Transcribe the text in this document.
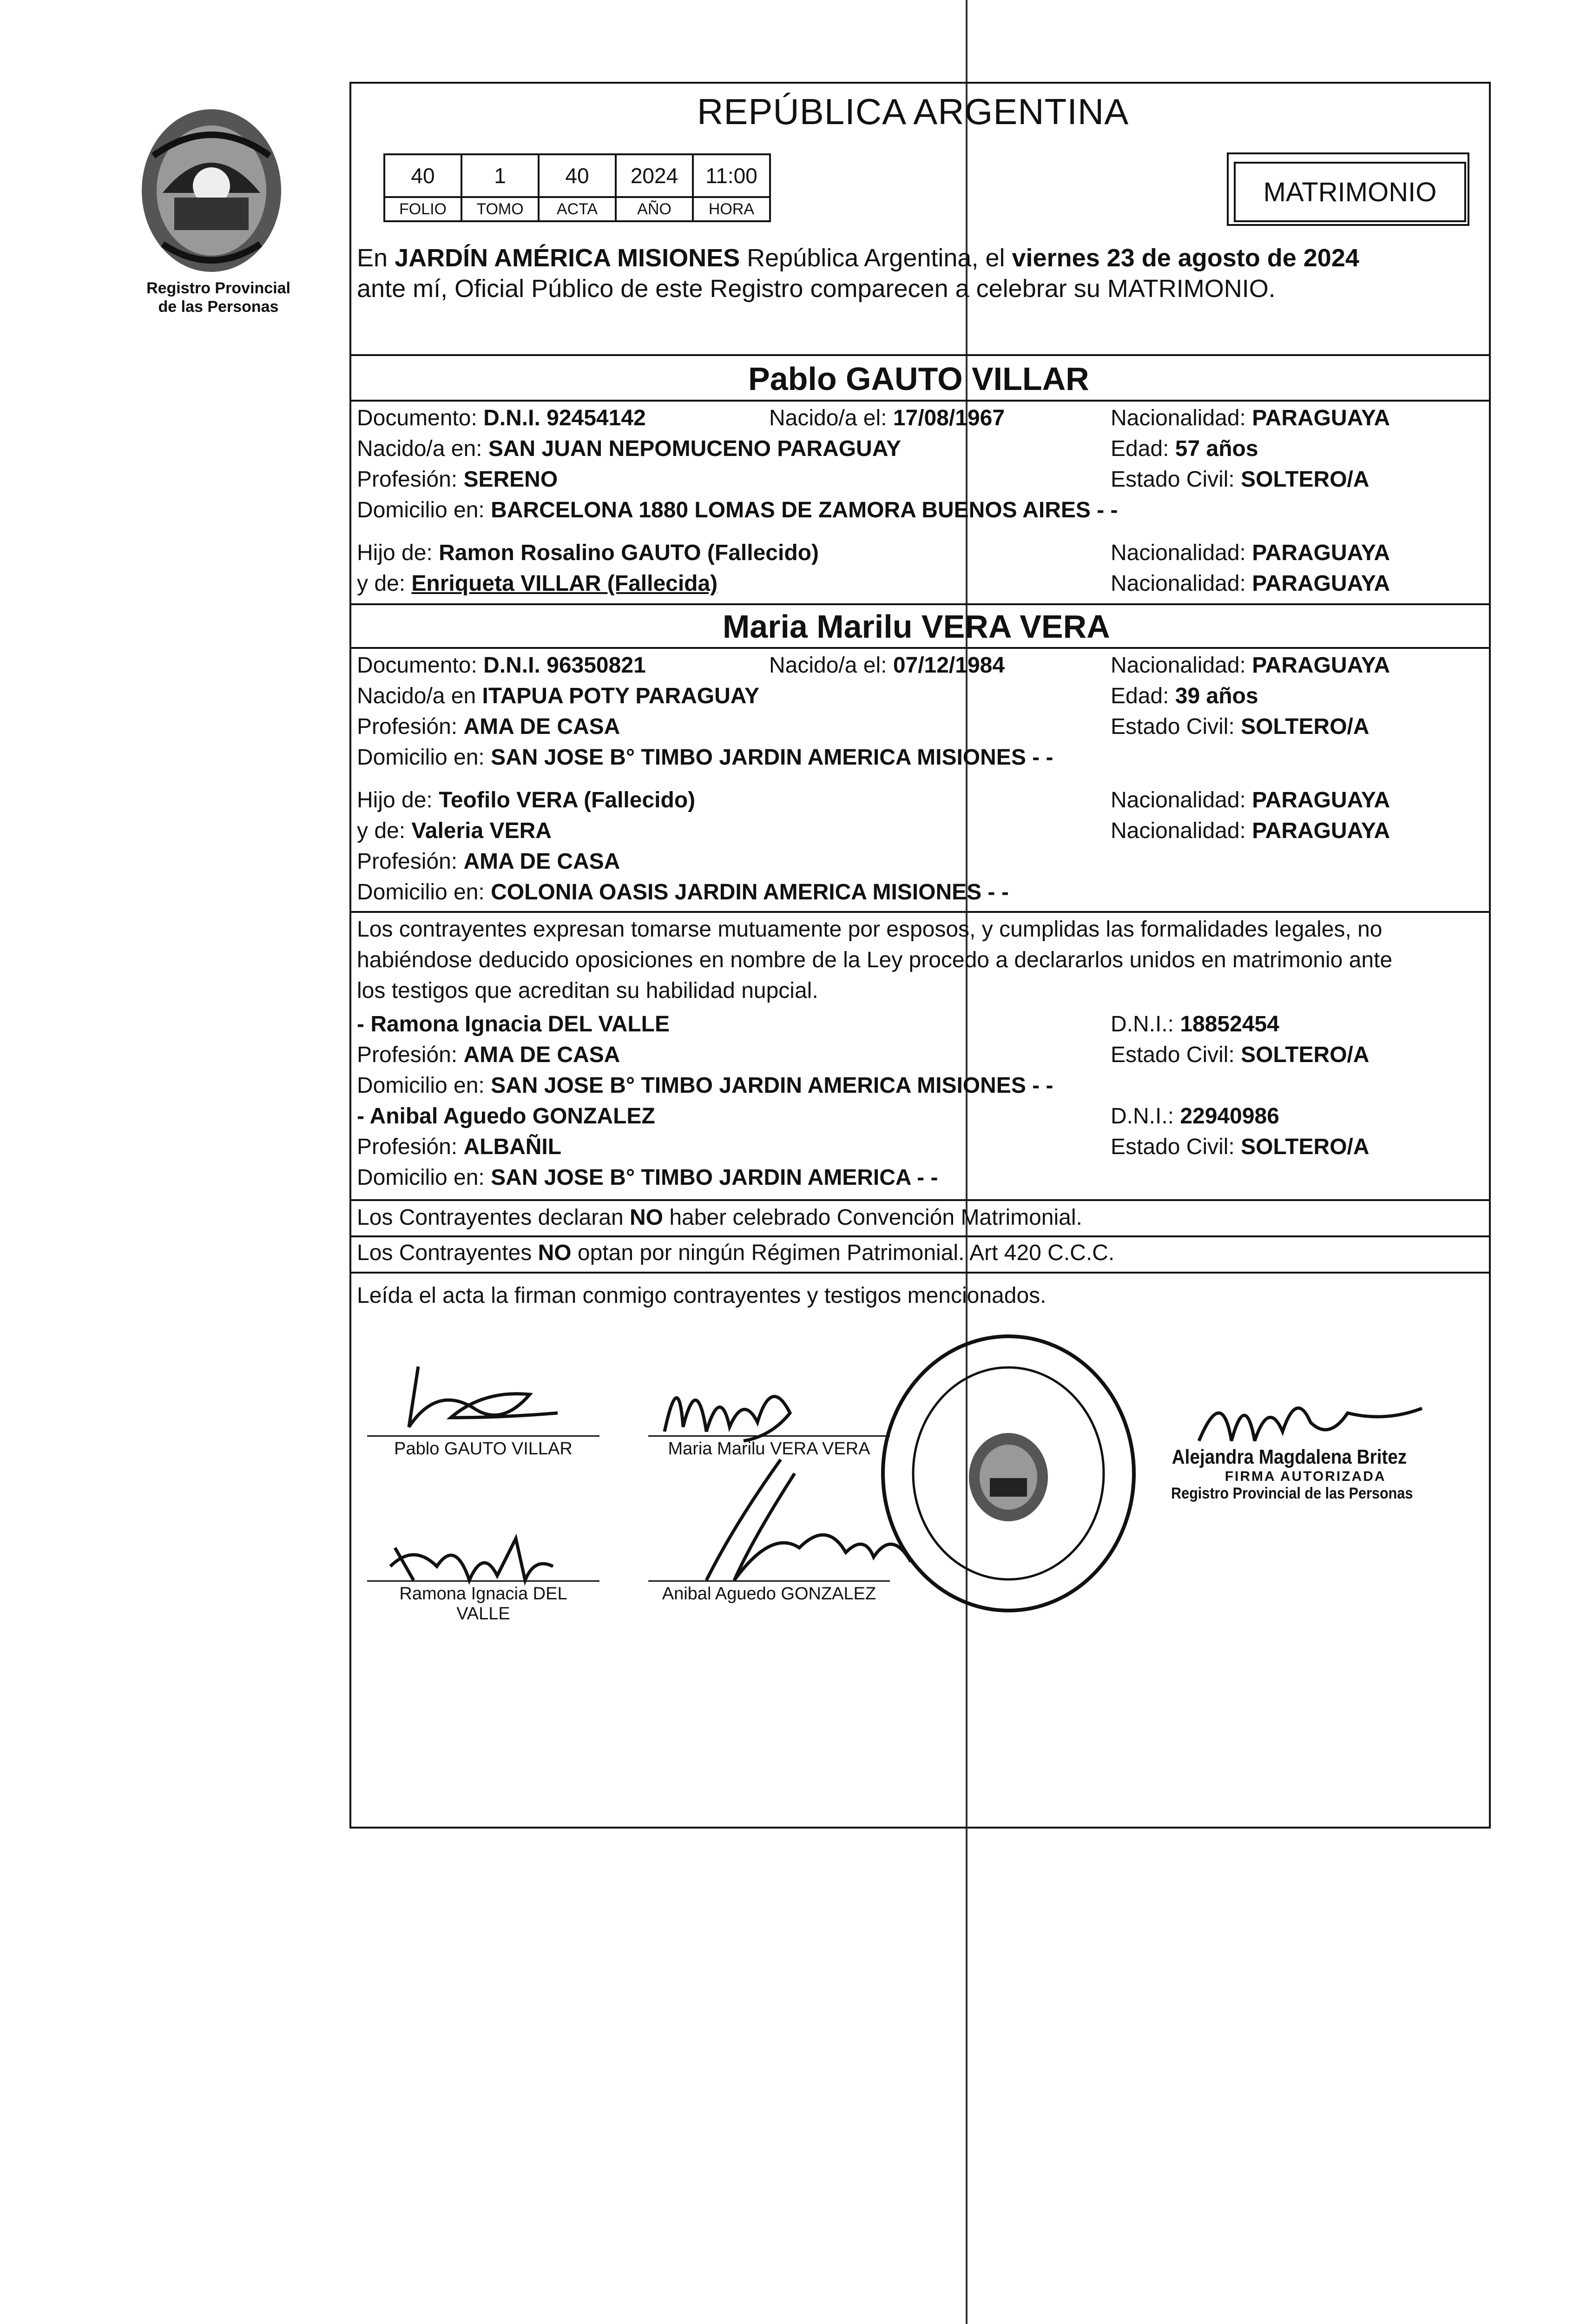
Registro Provincial
de las Personas
REPÚBLICA ARGENTINA
40	1	40	2024	11:00
FOLIO	TOMO	ACTA	AÑO	HORA
MATRIMONIO
En JARDÍN AMÉRICA MISIONES República Argentina, el viernes 23 de agosto de 2024
ante mí, Oficial Público de este Registro comparecen a celebrar su MATRIMONIO.
Pablo GAUTO VILLAR
Documento: D.N.I. 92454142	Nacido/a el: 17/08/1967	Nacionalidad: PARAGUAYA
Nacido/a en: SAN JUAN NEPOMUCENO PARAGUAY	Edad: 57 años
Profesión: SERENO	Estado Civil: SOLTERO/A
Domicilio en: BARCELONA 1880 LOMAS DE ZAMORA BUENOS AIRES - -
Hijo de: Ramon Rosalino GAUTO (Fallecido)	Nacionalidad: PARAGUAYA
y de: Enriqueta VILLAR (Fallecida)	Nacionalidad: PARAGUAYA
Maria Marilu VERA VERA
Documento: D.N.I. 96350821	Nacido/a el: 07/12/1984	Nacionalidad: PARAGUAYA
Nacido/a en ITAPUA POTY PARAGUAY	Edad: 39 años
Profesión: AMA DE CASA	Estado Civil: SOLTERO/A
Domicilio en: SAN JOSE B° TIMBO JARDIN AMERICA MISIONES - -
Hijo de: Teofilo VERA (Fallecido)	Nacionalidad: PARAGUAYA
y de: Valeria VERA	Nacionalidad: PARAGUAYA
Profesión: AMA DE CASA
Domicilio en: COLONIA OASIS JARDIN AMERICA MISIONES - -
Los contrayentes expresan tomarse mutuamente por esposos, y cumplidas las formalidades legales, no
habiéndose deducido oposiciones en nombre de la Ley procedo a declararlos unidos en matrimonio ante
los testigos que acreditan su habilidad nupcial.
- Ramona Ignacia DEL VALLE	D.N.I.: 18852454
Profesión: AMA DE CASA	Estado Civil: SOLTERO/A
Domicilio en: SAN JOSE B° TIMBO JARDIN AMERICA MISIONES - -
- Anibal Aguedo GONZALEZ	D.N.I.: 22940986
Profesión: ALBAÑIL	Estado Civil: SOLTERO/A
Domicilio en: SAN JOSE B° TIMBO JARDIN AMERICA - -
Los Contrayentes declaran NO haber celebrado Convención Matrimonial.
Los Contrayentes NO optan por ningún Régimen Patrimonial. Art 420 C.C.C.
Leída el acta la firman conmigo contrayentes y testigos mencionados.
Pablo GAUTO VILLAR	Maria Marilu VERA VERA
Ramona Ignacia DEL
VALLE
Anibal Aguedo GONZALEZ
Alejandra Magdalena Britez
FIRMA AUTORIZADA
Registro Provincial de las Personas
